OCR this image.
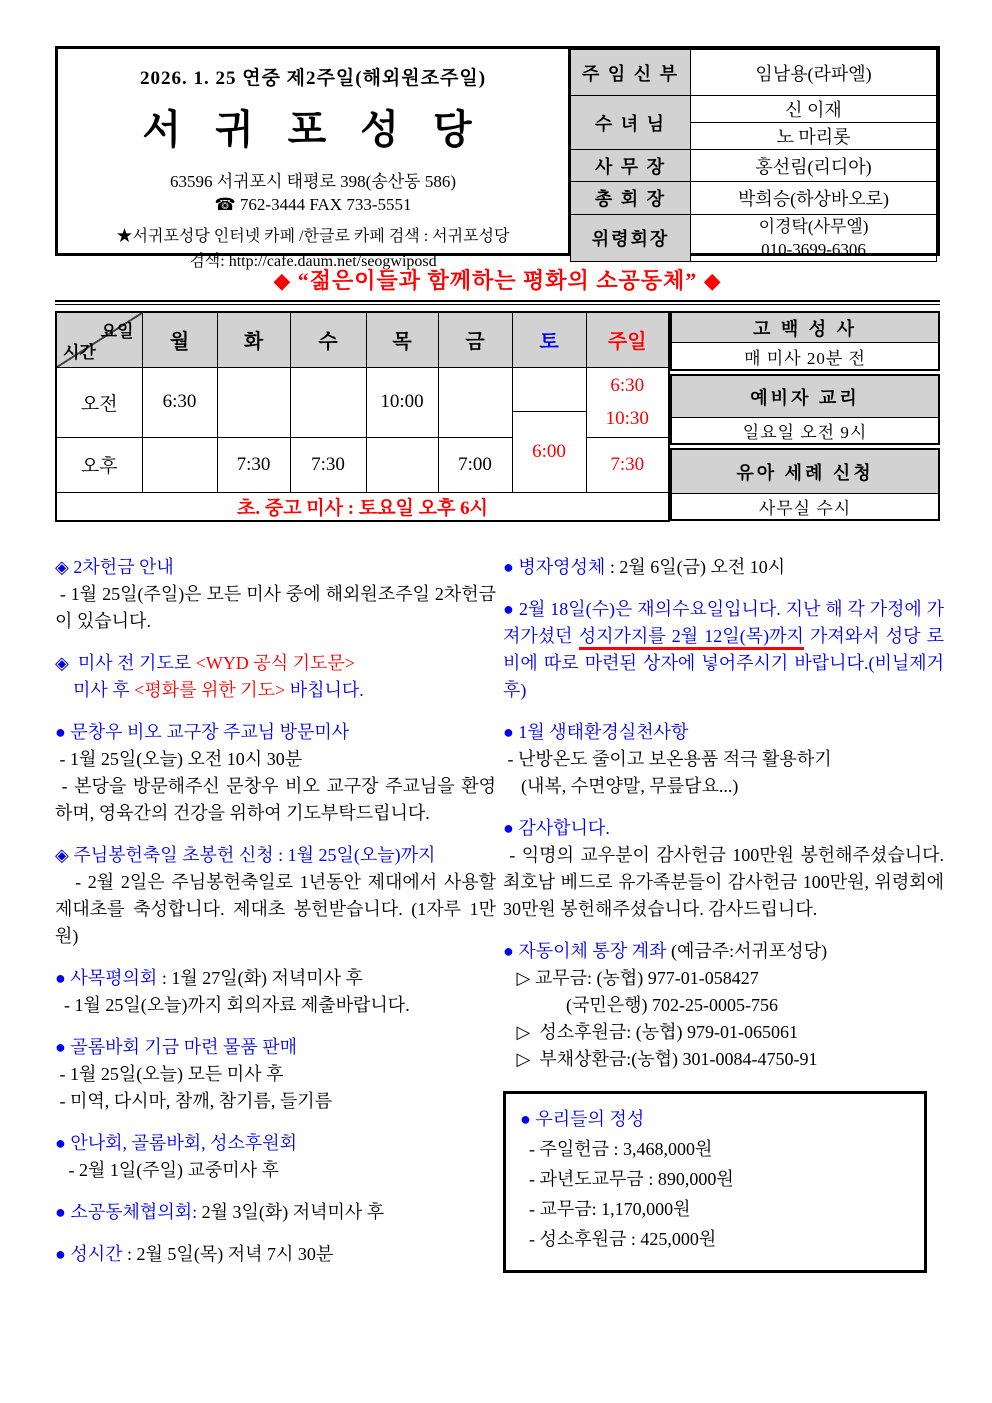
2026. 1. 25 연중 제2주일(해외원조주일)
서 귀 포 성 당
63596 서귀포시 태평로 398(송산동 586)
☎ 762-3444 FAX 733-5551
★서귀포성당 인터넷 카페 /한글로 카페 검색 : 서귀포성당
검색: http://cafe.daum.net/seogwiposd
주 임 신 부	임남용(라파엘)
수 녀 님	신 이재
	노 마리롯
사 무 장	홍선림(리디아)
총 회 장	박희승(하상바오로)
위령회장	이경탁(사무엘)
010-3699-6306
◆ “젊은이들과 함께하는 평화의 소공동체” ◆
요일
시간	월	화	수	목	금	토	주일
오전	6:30			10:00		6:00	6:30
10:30

오후		7:30	7:30		7:00		7:30
초. 중고 미사 : 토요일 오후 6시							
고 백 성 사
매 미사 20분 전
예비자 교리
일요일 오전 9시
유아 세례 신청
사무실 수시
◈ 2차헌금 안내
- 1월 25일(주일)은 모든 미사 중에 해외원조주일 2차헌금이 있습니다.
◈  미사 전 기도로 <WYD 공식 기도문>
미사 후 <평화를 위한 기도> 바칩니다.
● 문창우 비오 교구장 주교님 방문미사
- 1월 25일(오늘) 오전 10시 30분
- 본당을 방문해주신 문창우 비오 교구장 주교님을 환영하며, 영육간의 건강을 위하여 기도부탁드립니다.
◈ 주님봉헌축일 초봉헌 신청 : 1월 25일(오늘)까지
- 2월 2일은 주님봉헌축일로 1년동안 제대에서 사용할 제대초를 축성합니다. 제대초 봉헌받습니다. (1자루 1만원)
● 사목평의회 : 1월 27일(화) 저녁미사 후
- 1월 25일(오늘)까지 회의자료 제출바랍니다.
● 골롬바회 기금 마련 물품 판매
- 1월 25일(오늘) 모든 미사 후
- 미역, 다시마, 참깨, 참기름, 들기름
● 안나회, 골롬바회, 성소후원회
- 2월 1일(주일) 교중미사 후
● 소공동체협의회: 2월 3일(화) 저녁미사 후
● 성시간 : 2월 5일(목) 저녁 7시 30분
● 병자영성체 : 2월 6일(금) 오전 10시
● 2월 18일(수)은 재의수요일입니다. 지난 해 각 가정에 가져가셨던 성지가지를 2월 12일(목)까지 가져와서 성당 로비에 따로 마련된 상자에 넣어주시기 바랍니다.(비닐제거 후)
● 1월 생태환경실천사항
- 난방온도 줄이고 보온용품 적극 활용하기
(내복, 수면양말, 무릎담요...)
● 감사합니다.
- 익명의 교우분이 감사헌금 100만원 봉헌해주셨습니다. 최호남 베드로 유가족분들이 감사헌금 100만원, 위령회에 30만원 봉헌해주셨습니다. 감사드립니다.
● 자동이체 통장 계좌 (예금주:서귀포성당)
▷ 교무금: (농협) 977-01-058427
(국민은행) 702-25-0005-756
▷  성소후원금: (농협) 979-01-065061
▷  부채상환금:(농협) 301-0084-4750-91
● 우리들의 정성
- 주일헌금 : 3,468,000원
- 과년도교무금 : 890,000원
- 교무금: 1,170,000원
- 성소후원금 : 425,000원
